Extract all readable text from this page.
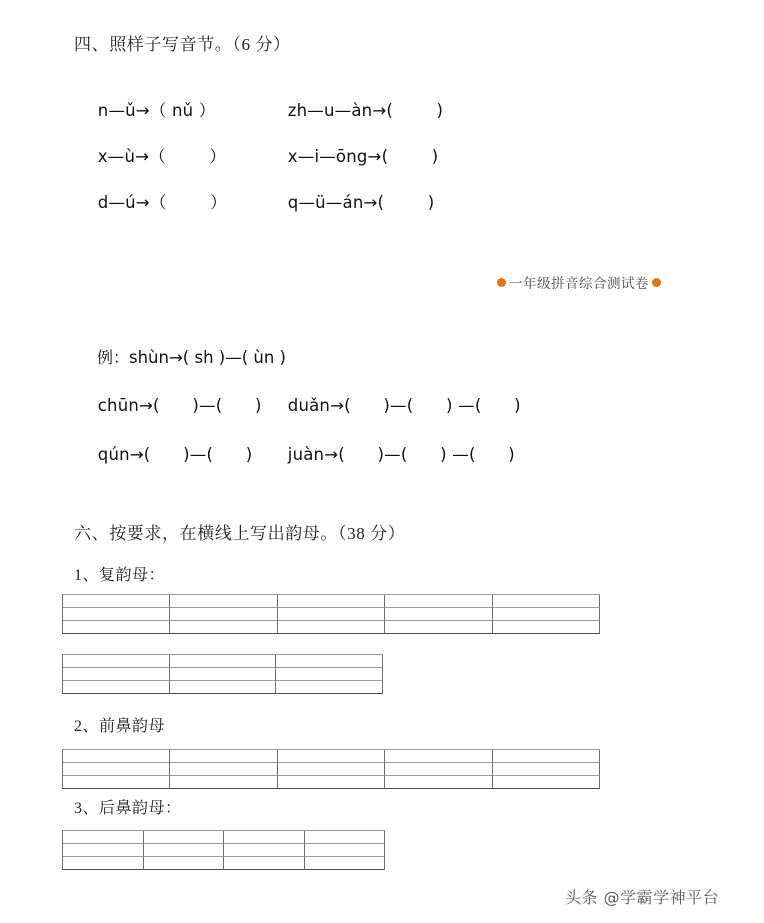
四、照样子写音节。（6 分）

n—ǔ→（ nǔ ）	zh—u—àn→(        )

x—ù→（        ）	x—i—ōng→(        )

d—ú→（        ）	q—ü—án→(        )

一年级拼音综合测试卷

例：shùn→( sh )—( ùn )

chūn→(      )—(      ) duǎn→(      )—(      ) —(      )

qún→(      )—(      ) juàn→(      )—(      ) —(      )

六、按要求，在横线上写出韵母。（38 分）
1、复韵母：
2、前鼻韵母
3、后鼻韵母：
头条 @学霸学神平台
